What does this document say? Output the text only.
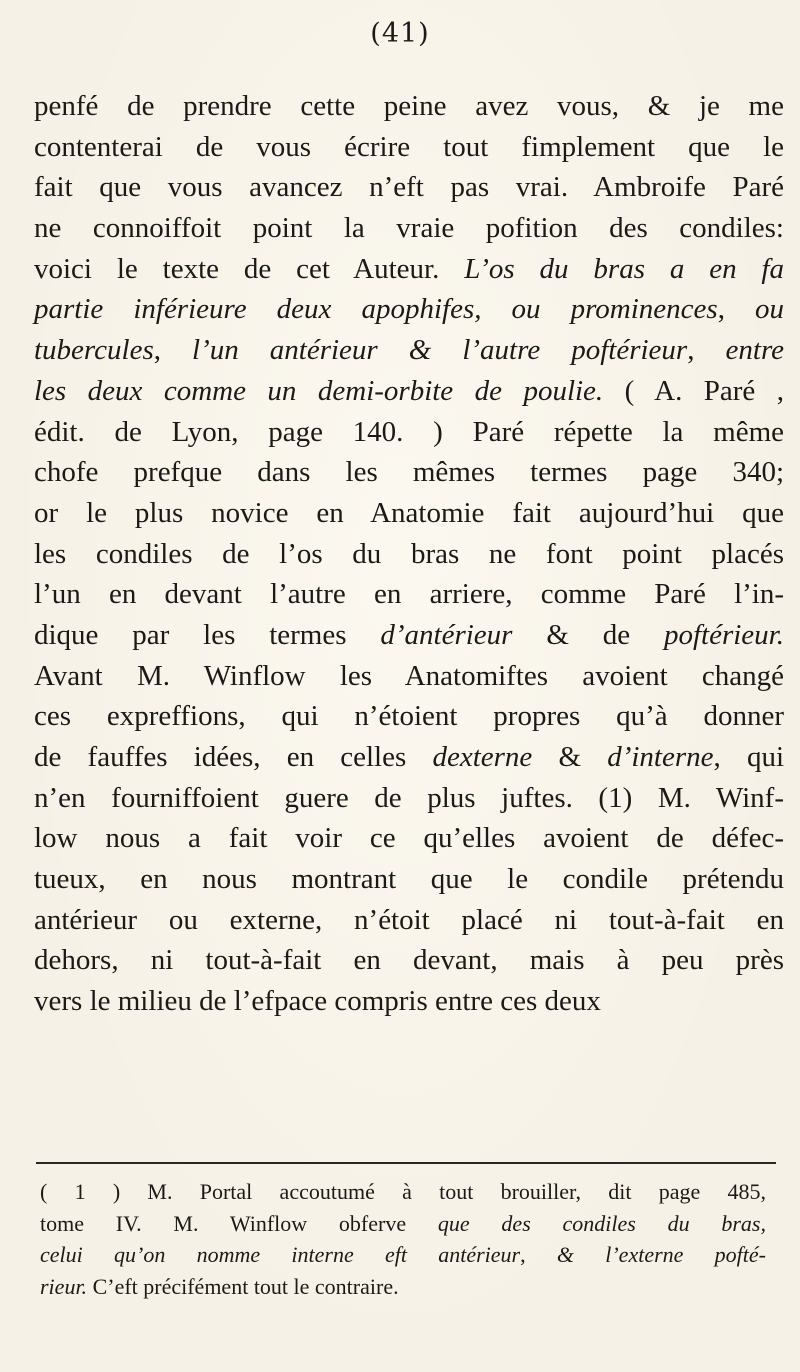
(41)
penfé de prendre cette peine avez vous, & je me
contenterai de vous écrire tout fimplement que le
fait que vous avancez n’eft pas vrai. Ambroife Paré
ne connoiffoit point la vraie pofition des condiles:
voici le texte de cet Auteur. L’os du bras a en fa
partie inférieure deux apophifes, ou prominences, ou
tubercules, l’un antérieur & l’autre poftérieur, entre
les deux comme un demi-orbite de poulie. ( A. Paré ,
édit. de Lyon, page 140. ) Paré répette la même
chofe prefque dans les mêmes termes page 340;
or le plus novice en Anatomie fait aujourd’hui que
les condiles de l’os du bras ne font point placés
l’un en devant l’autre en arriere, comme Paré l’in-
dique par les termes d’antérieur & de poftérieur.
Avant M. Winflow les Anatomiftes avoient changé
ces expreffions, qui n’étoient propres qu’à donner
de fauffes idées, en celles dexterne & d’interne, qui
n’en fourniffoient guere de plus juftes. (1) M. Winf-
low nous a fait voir ce qu’elles avoient de défec-
tueux, en nous montrant que le condile prétendu
antérieur ou externe, n’étoit placé ni tout-à-fait en
dehors, ni tout-à-fait en devant, mais à peu près
vers le milieu de l’efpace compris entre ces deux
( 1 ) M. Portal accoutumé à tout brouiller, dit page 485,
tome IV. M. Winflow obferve que des condiles du bras,
celui qu’on nomme interne eft antérieur, & l’externe pofté-
rieur. C’eft précifément tout le contraire.
